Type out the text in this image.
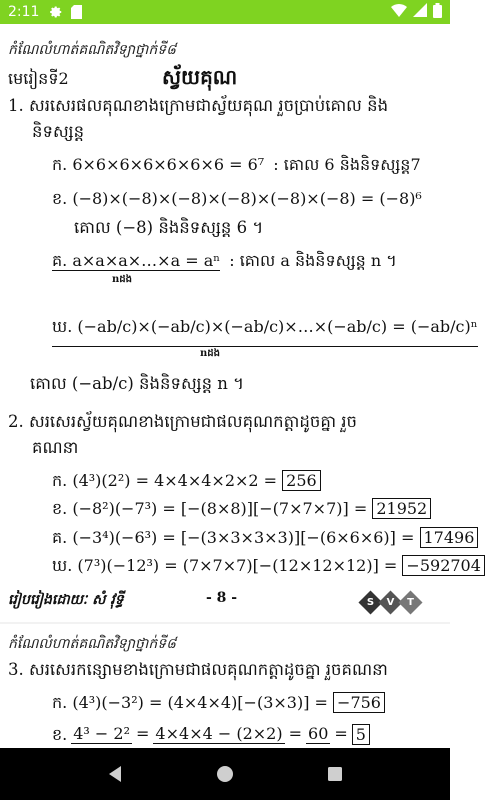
2:11
កំណែលំហាត់គណិតវិទ្យាថ្នាក់ទី៨
មេរៀនទី2	ស្វ័យគុណ
1. សរសេរផលគុណខាងក្រោមជាស្វ័យគុណ រួចប្រាប់គោល និង
និទស្សន្ត
ក. 6×6×6×6×6×6×6 = 6⁷ : គោល 6 និងនិទស្សន្ត7
ខ. (−8)×(−8)×(−8)×(−8)×(−8)×(−8) = (−8)⁶
គោល (−8) និងនិទស្សន្ត 6 ។
គ. a×a×a×…×a = aⁿ : គោល a និងនិទស្សន្ត n ។
nដង
ឃ. (−ab/c)×(−ab/c)×(−ab/c)×…×(−ab/c) = (−ab/c)ⁿ
nដង
គោល (−ab/c) និងនិទស្សន្ត n ។
2. សរសេរស្វ័យគុណខាងក្រោមជាផលគុណកត្តាដូចគ្នា រួច
គណនា
ក. (4³)(2²) = 4×4×4×2×2 = 256
ខ. (−8²)(−7³) = [−(8×8)][−(7×7×7)] = 21952
គ. (−3⁴)(−6³) = [−(3×3×3×3)][−(6×6×6)] = 17496
ឃ. (7³)(−12³) = (7×7×7)[−(12×12×12)] = −592704
រៀបរៀងដោយៈ សំ វុទ្ធី	- 8 -	S	V	T
កំណែលំហាត់គណិតវិទ្យាថ្នាក់ទី៨
3. សរសេរកន្សោមខាងក្រោមជាផលគុណកត្តាដូចគ្នា រួចគណនា
ក. (4³)(−3²) = (4×4×4)[−(3×3)] = −756
ខ. 4³ − 2² = 4×4×4 − (2×2) = 60 = 5
